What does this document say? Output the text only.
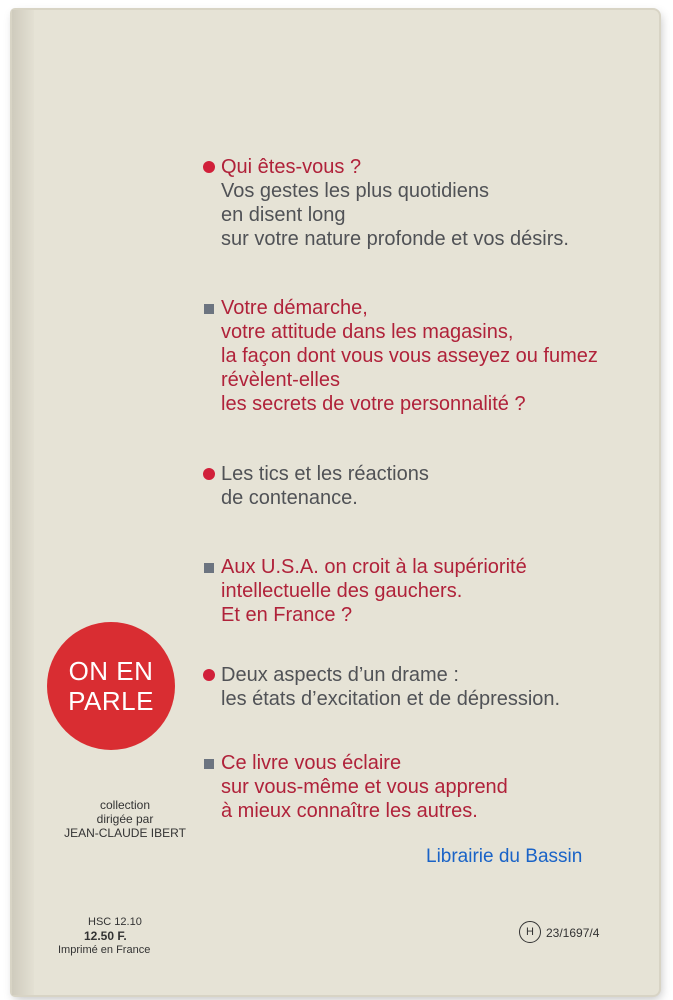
Qui êtes-vous ?
Vos gestes les plus quotidiens
en disent long
sur votre nature profonde et vos désirs.
Votre démarche,
votre attitude dans les magasins,
la façon dont vous vous asseyez ou fumez
révèlent-elles
les secrets de votre personnalité ?
Les tics et les réactions
de contenance.
Aux U.S.A. on croit à la supériorité
intellectuelle des gauchers.
Et en France ?
Deux aspects d’un drame :
les états d’excitation et de dépression.
Ce livre vous éclaire
sur vous-même et vous apprend
à mieux connaître les autres.
ON EN
PARLE
collection
dirigée par
JEAN-CLAUDE IBERT
Librairie du Bassin
HSC 12.10
12.50 F.
Imprimé en France
H	23/1697/4
